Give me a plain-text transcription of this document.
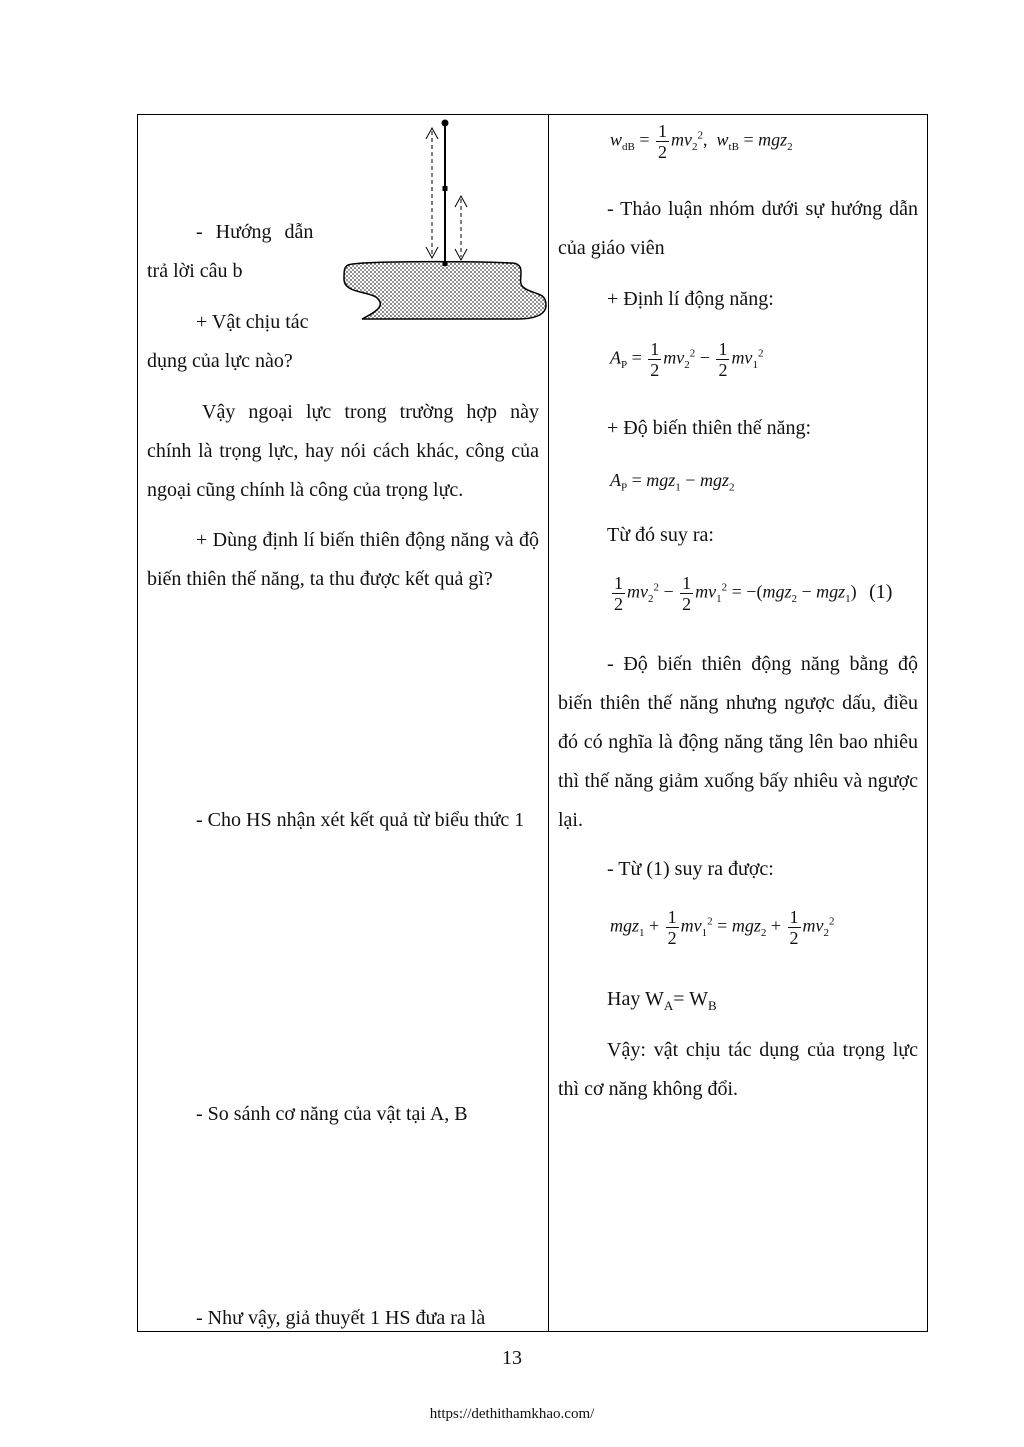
- Hướng dẫn
trả lời câu b
+ Vật chịu tác
dụng của lực nào?
Vậy ngoại lực trong trường hợp này chính là trọng lực, hay nói cách khác, công của ngoại cũng chính là công của trọng lực.
+ Dùng định lí biến thiên động năng và độ biến thiên thế năng, ta thu được kết quả gì?
- Cho HS nhận xét kết quả từ biểu thức 1
- So sánh cơ năng của vật tại A, B
- Như vậy, giả thuyết 1 HS đưa ra là
$w_{dB} = \frac{1}{2} mv_2^2$,  $w_{tB} = mgz_2$
- Thảo luận nhóm dưới sự hướng dẫn của giáo viên
+ Định lí động năng:
$A_P = \frac{1}{2} mv_2^2 - \frac{1}{2} mv_1^2$
+ Độ biến thiên thế năng:
$A_P = mgz_1 - mgz_2$
Từ đó suy ra:
$\frac{1}{2} mv_2^2 - \frac{1}{2} mv_1^2 = -(mgz_2 - mgz_1)$ (1)
- Độ biến thiên động năng bằng độ biến thiên thế năng nhưng ngược dấu, điều đó có nghĩa là động năng tăng lên bao nhiêu thì thế năng giảm xuống bấy nhiêu và ngược lại.
- Từ (1) suy ra được:
$mgz_1 + \frac{1}{2} mv_1^2 = mgz_2 + \frac{1}{2} mv_2^2$
Hay $W_A= W_B$
Vậy: vật chịu tác dụng của trọng lực thì cơ năng không đổi.
13
https://dethithamkhao.com/
